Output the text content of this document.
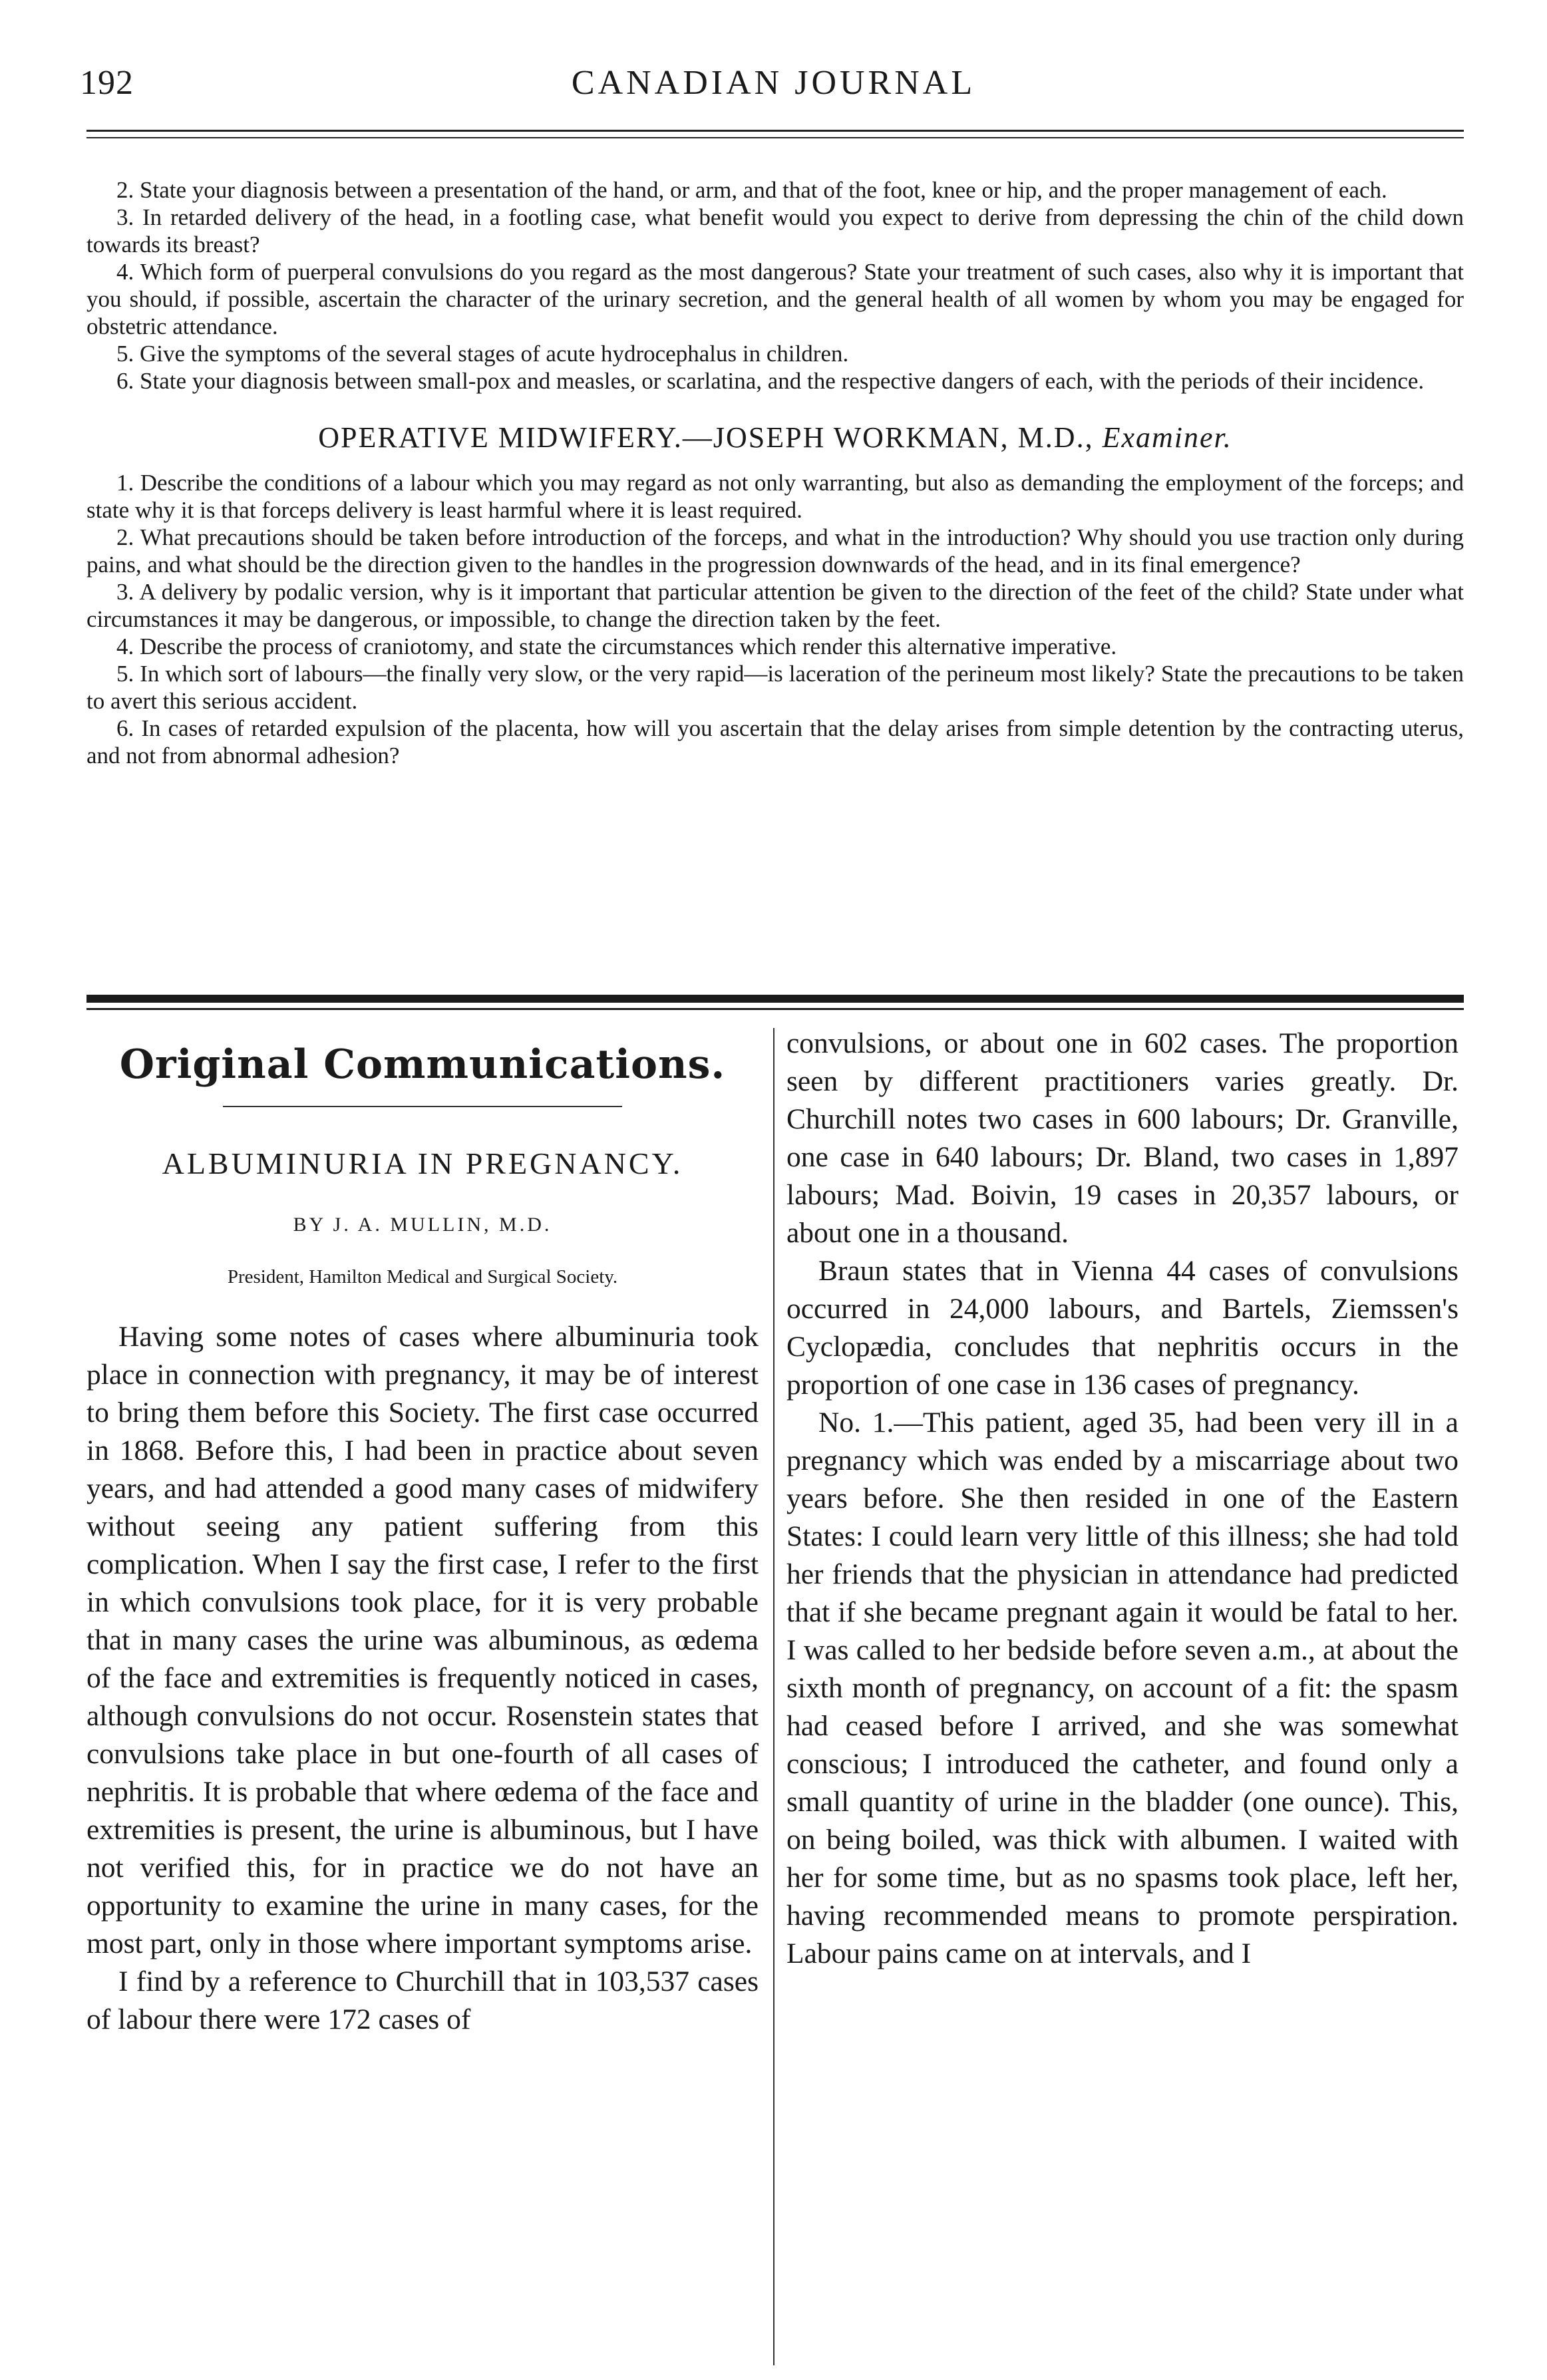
192	CANADIAN JOURNAL

2. State your diagnosis between a presentation of the hand, or arm, and that of the foot, knee or hip, and the proper management of each.

3. In retarded delivery of the head, in a footling case, what benefit would you expect to derive from depressing the chin of the child down towards its breast?

4. Which form of puerperal convulsions do you regard as the most dangerous? State your treatment of such cases, also why it is important that you should, if possible, ascertain the character of the urinary secretion, and the general health of all women by whom you may be engaged for obstetric attendance.

5. Give the symptoms of the several stages of acute hydrocephalus in children.

6. State your diagnosis between small-pox and measles, or scarlatina, and the respective dangers of each, with the periods of their incidence.

OPERATIVE MIDWIFERY.—JOSEPH WORKMAN, M.D., Examiner.

1. Describe the conditions of a labour which you may regard as not only warranting, but also as demanding the employment of the forceps; and state why it is that forceps delivery is least harmful where it is least required.

2. What precautions should be taken before introduction of the forceps, and what in the introduction? Why should you use traction only during pains, and what should be the direction given to the handles in the progression downwards of the head, and in its final emergence?

3. A delivery by podalic version, why is it important that particular attention be given to the direction of the feet of the child? State under what circumstances it may be dangerous, or impossible, to change the direction taken by the feet.

4. Describe the process of craniotomy, and state the circumstances which render this alternative imperative.

5. In which sort of labours—the finally very slow, or the very rapid—is laceration of the perineum most likely? State the precautions to be taken to avert this serious accident.

6. In cases of retarded expulsion of the placenta, how will you ascertain that the delay arises from simple detention by the contracting uterus, and not from abnormal adhesion?

Original Communications.
ALBUMINURIA IN PREGNANCY.
BY J. A. MULLIN, M.D.
President, Hamilton Medical and Surgical Society.

Having some notes of cases where albuminuria took place in connection with pregnancy, it may be of interest to bring them before this Society. The first case occurred in 1868. Before this, I had been in practice about seven years, and had attended a good many cases of midwifery without seeing any patient suffering from this complication. When I say the first case, I refer to the first in which convulsions took place, for it is very probable that in many cases the urine was albuminous, as œdema of the face and extremities is frequently noticed in cases, although convulsions do not occur. Rosenstein states that convulsions take place in but one-fourth of all cases of nephritis. It is probable that where œdema of the face and extremities is present, the urine is albuminous, but I have not verified this, for in practice we do not have an opportunity to examine the urine in many cases, for the most part, only in those where important symptoms arise.

I find by a reference to Churchill that in 103,537 cases of labour there were 172 cases of

convulsions, or about one in 602 cases. The proportion seen by different practitioners varies greatly. Dr. Churchill notes two cases in 600 labours; Dr. Granville, one case in 640 labours; Dr. Bland, two cases in 1,897 labours; Mad. Boivin, 19 cases in 20,357 labours, or about one in a thousand.

Braun states that in Vienna 44 cases of convulsions occurred in 24,000 labours, and Bartels, Ziemssen's Cyclopædia, concludes that nephritis occurs in the proportion of one case in 136 cases of pregnancy.

No. 1.—This patient, aged 35, had been very ill in a pregnancy which was ended by a miscarriage about two years before. She then resided in one of the Eastern States: I could learn very little of this illness; she had told her friends that the physician in attendance had predicted that if she became pregnant again it would be fatal to her. I was called to her bedside before seven a.m., at about the sixth month of pregnancy, on account of a fit: the spasm had ceased before I arrived, and she was somewhat conscious; I introduced the catheter, and found only a small quantity of urine in the bladder (one ounce). This, on being boiled, was thick with albumen. I waited with her for some time, but as no spasms took place, left her, having recommended means to promote perspiration. Labour pains came on at intervals, and I
